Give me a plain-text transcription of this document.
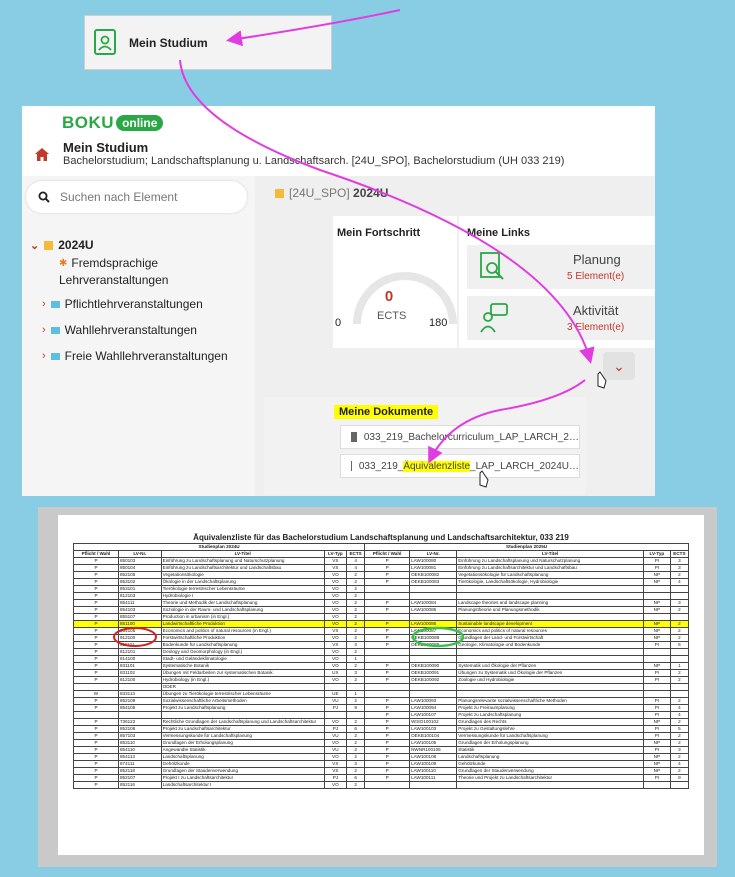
Mein Studium
BOKU online
Mein Studium
Bachelorstudium; Landschaftsplanung u. Landschaftsarch. [24U_SPO], Bachelorstudium (UH 033 219)
Suchen nach Element
⌄ 2024U
✱ Fremdsprachige
Lehrveranstaltungen
› Pflichtlehrveranstaltungen
› Wahllehrveranstaltungen
› Freie Wahllehrveranstaltungen
[24U_SPO]
2024U
Mein Fortschritt
0
ECTS
0	180
Meine Links
Planung
5 Element(e)
Aktivität
3 Element(e)
⌄
Meine Dokumente
033_219_Bachelorcurriculum_LAP_LARCH_2…
033_219_ Äquivalenzliste _LAP_LARCH_2024U…
Äquivalenzliste für das Bachelorstudium Landschaftsplanung und Landschaftsarchitektur, 033 219
Studienplan 2024U					Studienplan 2025U				
Pflicht / Wahl	LV-Nr.	LV-Titel	LV-Typ	ECTS	Pflicht / Wahl	LV-Nr.	LV-Titel	LV-Typ	ECTS
P	850103	Einführung zu Landschaftsplanung und Naturschutzplanung	VS	4	P	LAW100080	Einführung zu Landschaftsplanung und Naturschutzplanung	PI	3
P	850104	Einführung zu Landschaftsarchitektur und Landschaftsbau	VS	4	P	LAW100081	Einführung zu Landschaftsarchitektur und Landschaftsbau	PI	3
P	852105	Vegetationsökologie	VO	2	P	OEKB100082	Vegetationsökologie für Landschaftsplanung	NP	2
P	853102	Ökologie in der Landschaftsplanung	VO	2	P	OEKB100083	Tierökologie, Landschaftsökologie, Hydrobiologie	NP	4
P	853101	Tierökologie terrestrischer Lebensräume	VO	2					
P	812103	Hydrobiologie I	VO	2					
P	854111	Theorie und Methodik der Landschaftsplanung	VO	2	P	LAW100084	Landscape theories and landscape planning	NP	3
P	854103	Soziologie in der Raum- und Landschaftsplanung	VO	2	P	LAW100085	Planungstheorie und Planungsmethodik	NP	2
P	855107	Production in urbanism (in Engl.)	VO	2					
P	851100	Landwirtschaftliche Produktion	VO	2	P	LAW100086	Sustainable landscape development	NP	2
P	854106	Economics and politics of natural resources (in Engl.)	VS	2	P	LAW100087	Economics and politics of natural resources	NP	2
P	912100	Forstwirtschaftliche Produktion	VO	2	P	OEKB100088	Grundlagen der Land- und Forstwirtschaft	NP	2
P	911101	Bodenkunde für Landschaftsplanung	VX	3	P	OEKB100089	Geologie, Klimatologie und Bodenkunde	PI	6
P	812101	Geology and Geomorphology (in Engl.)	VO	2					
P	814100	Stadt- und Geländeklimatologie	VO	1					
P	831101	Systematische Botanik	VO	2	P	OEKB100090	Systematik und Ökologie der Pflanzen	NP	1
P	831102	Übungen mit Feldarbeiten zur systematischen Botanik	UX	3	P	OEKB100091	Übungen zu Systematik und Ökologie der Pflanzen	PI	2
P	812100	Hydrobiology (in Engl.)	VO	2	P	OEKB100092	Zoologie und Hydrobiologie	PI	2
		ODER							
W	833113	Übungen zu Tierökologie terrestrischer Lebensräume	UE	1					
P	852109	Sozialwissenschaftliche Arbeitsmethoden	VU	2	P	LAW100093	Planungsrelevante sozialwissenschaftliche Methoden	PI	2
P	854105	Projekt zu Landschaftsplanung	PJ	9	P	LAW100094	Projekt zu Freiraumplanung	PI	4
					P	LAW100107	Projekt zu Landschaftsplanung	PI	4
P	736122	Rechtliche Grundlagen der Landschaftsplanung und Landschaftsarchitektur	VO	2	P	WISO100102	Grundlagen des Rechts	NP	2
P	852106	Projekt zu Landschaftsarchitektur	PJ	6	P	LAW100103	Projekt zu Gestaltungslehre	PI	5
P	857103	Vermessungskunde für Landschaftsplanung	VU	2	P	OEKB100104	Vermessungskunde für Landschaftsplanung	PI	2
P	853110	Grundlagen der Erholungsplanung	VO	2	P	LAW100105	Grundlagen der Erholungsplanung	NP	2
P	854110	Angewandte Statistik	VU	2	P	NWNR100106	Statistik	PI	3
P	854113	Landschaftsplanung	VO	2	P	LAW100108	Landschaftsplanung	NP	2
P	874111	Gehölzkunde	VX	3	P	LAW100109	Gehölzkunde	NP	4
P	852118	Grundlagen der Staudenverwendung	VS	2	P	LAW100110	Grundlagen der Staudenverwendung	NP	2
P	852107	Projekt I zu Landschaftsarchitektur	PJ	6	P	LAW100111	Theorie und Projekt zu Landschaftsarchitektur	PI	9
P	852116	Landschaftsarchitektur I	VO	2					
